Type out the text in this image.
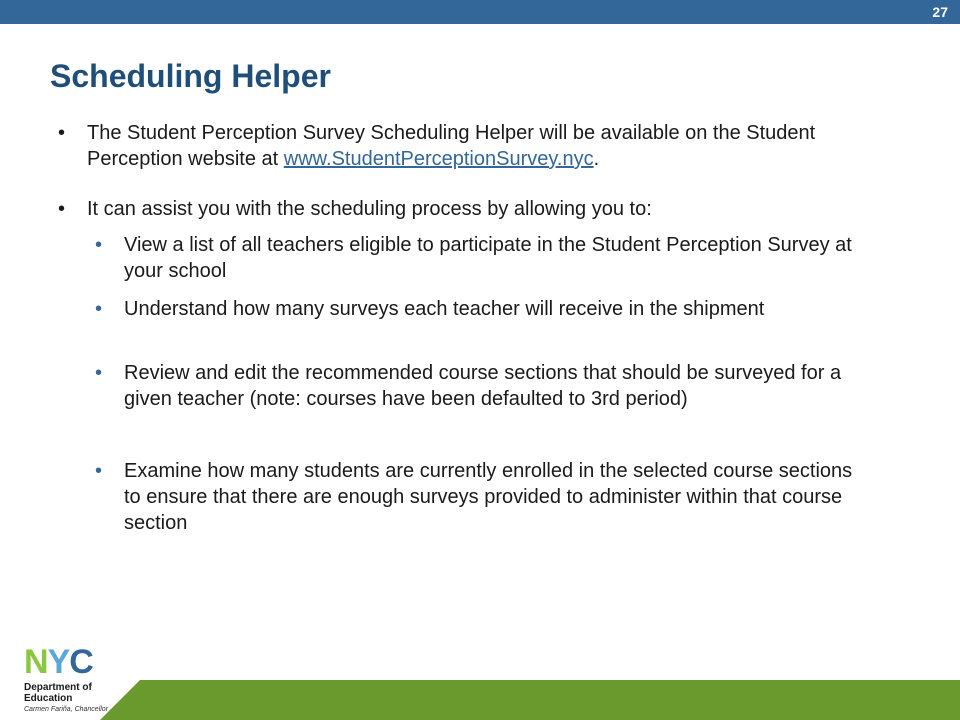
27
Scheduling Helper
• The Student Perception Survey Scheduling Helper will be available on the Student Perception website at www.StudentPerceptionSurvey.nyc.
• It can assist you with the scheduling process by allowing you to:
• View a list of all teachers eligible to participate in the Student Perception Survey at your school
• Understand how many surveys each teacher will receive in the shipment
• Review and edit the recommended course sections that should be surveyed for a given teacher (note: courses have been defaulted to 3rd period)
• Examine how many students are currently enrolled in the selected course sections to ensure that there are enough surveys provided to administer within that course section
NYC
Department of
Education
Carmen Fariña, Chancellor
